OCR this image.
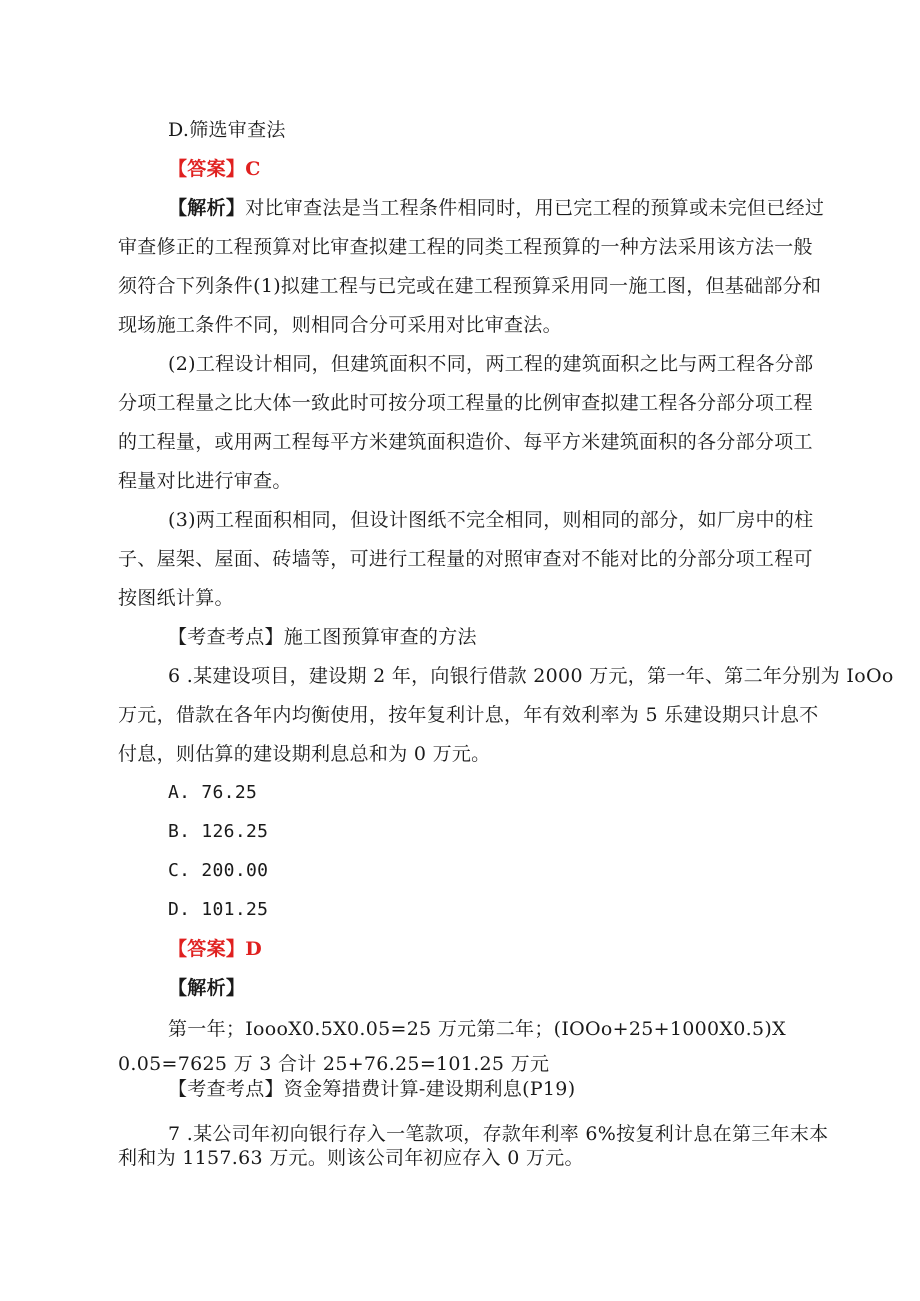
D.筛选审查法
【答案】C
【解析】对比审查法是当工程条件相同时，用已完工程的预算或未完但已经过
审查修正的工程预算对比审查拟建工程的同类工程预算的一种方法采用该方法一般
须符合下列条件(1)拟建工程与已完或在建工程预算采用同一施工图，但基础部分和
现场施工条件不同，则相同合分可采用对比审查法。
(2)工程设计相同，但建筑面积不同，两工程的建筑面积之比与两工程各分部
分项工程量之比大体一致此时可按分项工程量的比例审查拟建工程各分部分项工程
的工程量，或用两工程每平方米建筑面积造价、每平方米建筑面积的各分部分项工
程量对比进行审查。
(3)两工程面积相同，但设计图纸不完全相同，则相同的部分，如厂房中的柱
子、屋架、屋面、砖墙等，可进行工程量的对照审查对不能对比的分部分项工程可
按图纸计算。
【考查考点】施工图预算审查的方法
6 .某建设项目，建设期 2 年，向银行借款 2000 万元，第一年、第二年分别为 IoOo
万元，借款在各年内均衡使用，按年复利计息，年有效利率为 5 乐建设期只计息不
付息，则估算的建设期利息总和为 0 万元。
A. 76.25
B. 126.25
C. 200.00
D. 101.25
【答案】D
【解析】
第一年；IoooX0.5X0.05=25 万元第二年；(IOOo+25+1000X0.5)X
0.05=7625 万 3 合计 25+76.25=101.25 万元
【考查考点】资金筹措费计算-建设期利息(P19)
7 .某公司年初向银行存入一笔款项，存款年利率 6%按复利计息在第三年末本
利和为 1157.63 万元。则该公司年初应存入 0 万元。
